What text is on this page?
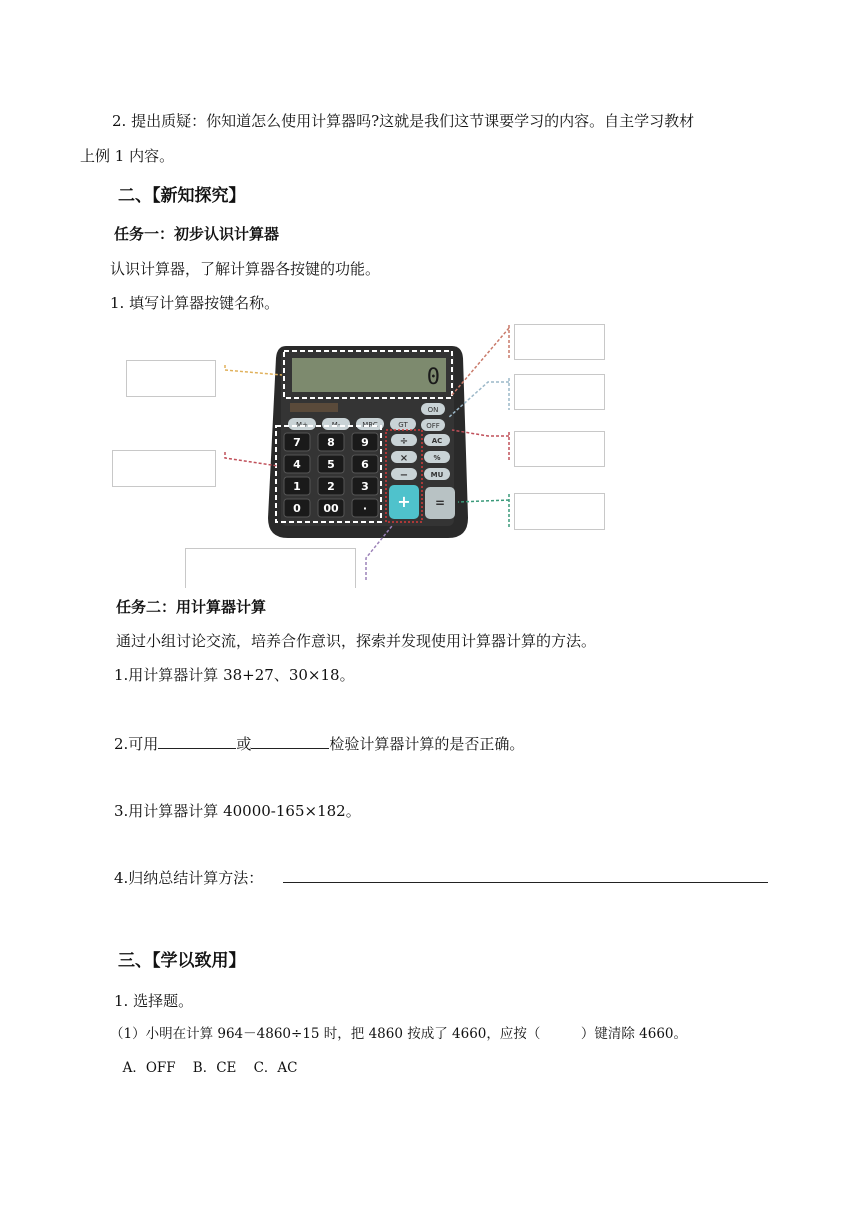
2. 提出质疑：你知道怎么使用计算器吗?这就是我们这节课要学习的内容。自主学习教材
上例 1 内容。
二、【新知探究】
任务一：初步认识计算器
认识计算器，了解计算器各按键的功能。
1. 填写计算器按键名称。
0
M+	M-	MRC	GT
ON
OFF
7 8 9
4 5 6
1 2 3
0 00 ·
÷
×
−
+
AC
%
MU
=
任务二：用计算器计算
通过小组讨论交流，培养合作意识，探索并发现使用计算器计算的方法。
1.用计算器计算 38+27、30×18。
2.可用	或	检验计算器计算的是否正确。
3.用计算器计算 40000-165×182。
4.归纳总结计算方法：
三、【学以致用】
1. 选择题。
（1）小明在计算 964－4860÷15 时，把 4860 按成了 4660，应按（　　　）键清除 4660。
A．OFF    B．CE    C．AC
